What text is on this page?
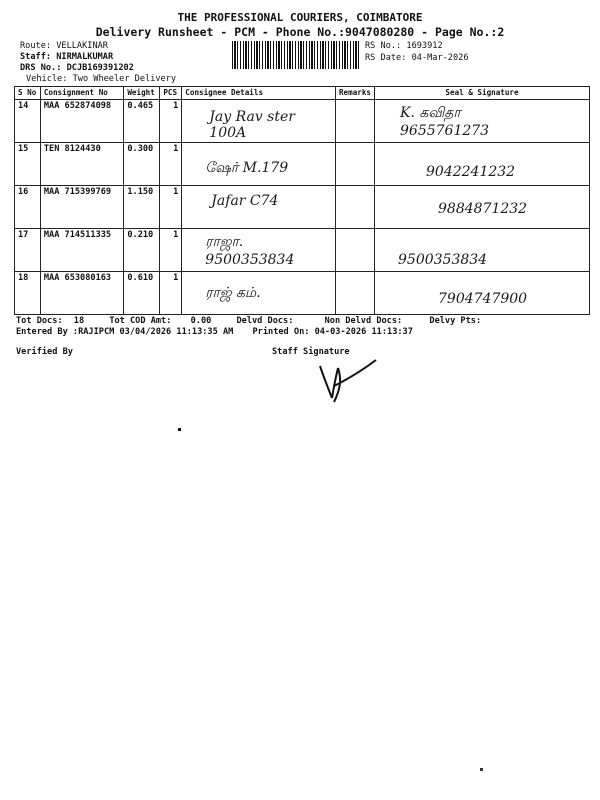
THE PROFESSIONAL COURIERS, COIMBATORE
Delivery Runsheet - PCM - Phone No.:9047080280 - Page No.:2
Route: VELLAKINAR
Staff: NIRMALKUMAR
DRS No.: DCJB169391202
Vehicle: Two Wheeler Delivery
RS No.: 1693912
RS Date: 04-Mar-2026
S No	Consignment No	Weight	PCS	Consignee Details	Remarks	Seal & Signature
14	MAA 652874098	0.465	1	Jay Rav ster 100A		K. கவிதா 9655761273

15	TEN 8124430	0.300	1	ஷேர் M.179		9042241232

16	MAA 715399769	1.150	1	Jafar C74		9884871232

17	MAA 714511335	0.210	1	ராஜா. 9500353834		9500353834

18	MAA 653080163	0.610	1	ராஜ் கம்.		7904747900
Tot Docs: 18	Tot COD Amt: 0.00	Delvd Docs:	Non Delvd Docs:	Delvy Pts:
Entered By :RAJIPCM 03/04/2026 11:13:35 AM Printed On: 04-03-2026 11:13:37
Verified By	Staff Signature
